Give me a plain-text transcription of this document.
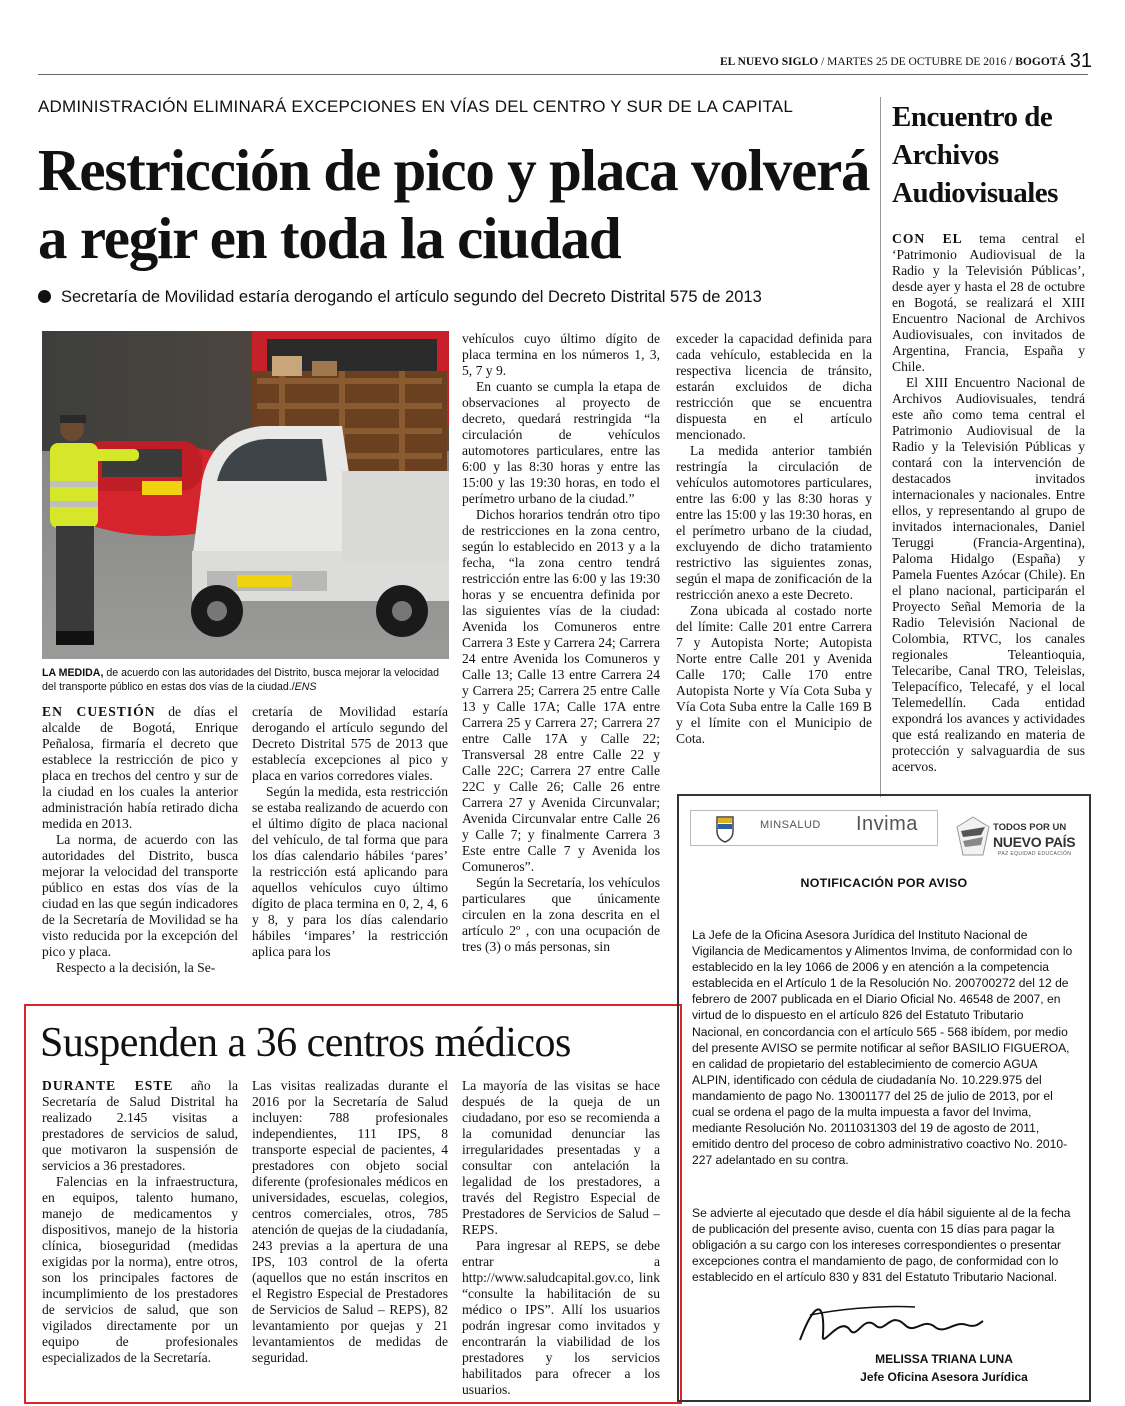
EL NUEVO SIGLO / MARTES 25 DE OCTUBRE DE 2016 / BOGOTÁ 31
ADMINISTRACIÓN ELIMINARÁ EXCEPCIONES EN VÍAS DEL CENTRO Y SUR DE LA CAPITAL
Restricción de pico y placa volverá a regir en toda la ciudad
Secretaría de Movilidad estaría derogando el artículo segundo del Decreto Distrital 575 de 2013
LA MEDIDA, de acuerdo con las autoridades del Distrito, busca mejorar la velocidad del transporte público en estas dos vías de la ciudad./ENS

EN CUESTIÓN de días el alcalde de Bogotá, Enrique Peñalosa, firmaría el decreto que establece la restricción de pico y placa en trechos del centro y sur de la ciudad en los cuales la anterior administración había retirado dicha medida en 2013.

La norma, de acuerdo con las autoridades del Distrito, busca mejorar la velocidad del transporte público en estas dos vías de la ciudad en las que según indicadores de la Secretaría de Movilidad se ha visto reducida por la excepción del pico y placa.

Respecto a la decisión, la Se-

cretaría de Movilidad estaría derogando el artículo segundo del Decreto Distrital 575 de 2013 que establecía excepciones al pico y placa en varios corredores viales.

Según la medida, esta restricción se estaba realizando de acuerdo con el último dígito de placa nacional del vehículo, de tal forma que para los días calendario hábiles ‘pares’ la restricción está aplicando para aquellos vehículos cuyo último dígito de placa termina en 0, 2, 4, 6 y 8, y para los días calendario hábiles ‘impares’ la restricción aplica para los

vehículos cuyo último dígito de placa termina en los números 1, 3, 5, 7 y 9.

En cuanto se cumpla la etapa de observaciones al proyecto de decreto, quedará restringida “la circulación de vehículos automotores particulares, entre las 6:00 y las 8:30 horas y entre las 15:00 y las 19:30 horas, en todo el perímetro urbano de la ciudad.”

Dichos horarios tendrán otro tipo de restricciones en la zona centro, según lo establecido en 2013 y a la fecha, “la zona centro tendrá restricción entre las 6:00 y las 19:30 horas y se encuentra definida por las siguientes vías de la ciudad: Avenida los Comuneros entre Carrera 3 Este y Carrera 24; Carrera 24 entre Avenida los Comuneros y Calle 13; Calle 13 entre Carrera 24 y Carrera 25; Carrera 25 entre Calle 13 y Calle 17A; Calle 17A entre Carrera 25 y Carrera 27; Carrera 27 entre Calle 17A y Calle 22; Transversal 28 entre Calle 22 y Calle 22C; Carrera 27 entre Calle 22C y Calle 26; Calle 26 entre Carrera 27 y Avenida Circunvalar; Avenida Circunvalar entre Calle 26 y Calle 7; y finalmente Carrera 3 Este entre Calle 7 y Avenida los Comuneros”.

Según la Secretaría, los vehículos particulares que únicamente circulen en la zona descrita en el artículo 2º , con una ocupación de tres (3) o más personas, sin

exceder la capacidad definida para cada vehículo, establecida en la respectiva licencia de tránsito, estarán excluidos de dicha restricción que se encuentra dispuesta en el artículo mencionado.

La medida anterior también restringía la circulación de vehículos automotores particulares, entre las 6:00 y las 8:30 horas y entre las 15:00 y las 19:30 horas, en el perímetro urbano de la ciudad, excluyendo de dicho tratamiento restrictivo las siguientes zonas, según el mapa de zonificación de la restricción anexo a este Decreto.

Zona ubicada al costado norte del límite: Calle 201 entre Carrera 7 y Autopista Norte; Autopista Norte entre Calle 201 y Avenida Calle 170; Calle 170 entre Autopista Norte y Vía Cota Suba y Vía Cota Suba entre la Calle 169 B y el límite con el Municipio de Cota.

Encuentro de Archivos Audiovisuales

CON EL tema central el ‘Patrimonio Audiovisual de la Radio y la Televisión Públicas’, desde ayer y hasta el 28 de octubre en Bogotá, se realizará el XIII Encuentro Nacional de Archivos Audiovisuales, con invitados de Argentina, Francia, España y Chile.

El XIII Encuentro Nacional de Archivos Audiovisuales, tendrá este año como tema central el Patrimonio Audiovisual de la Radio y la Televisión Públicas y contará con la intervención de destacados invitados internacionales y nacionales. Entre ellos, y representando al grupo de invitados internacionales, Daniel Teruggi (Francia-Argentina), Paloma Hidalgo (España) y Pamela Fuentes Azócar (Chile). En el plano nacional, participarán el Proyecto Señal Memoria de la Radio Televisión Nacional de Colombia, RTVC, los canales regionales Teleantioquia, Telecaribe, Canal TRO, Teleislas, Telepacífico, Telecafé, y el local Telemedellín. Cada entidad expondrá los avances y actividades que está realizando en materia de protección y salvaguardia de sus acervos.

Suspenden a 36 centros médicos

DURANTE ESTE año la Secretaría de Salud Distrital ha realizado 2.145 visitas a prestadores de servicios de salud, que motivaron la suspensión de servicios a 36 prestadores.

Falencias en la infraestructura, en equipos, talento humano, manejo de medicamentos y dispositivos, manejo de la historia clínica, bioseguridad (medidas exigidas por la norma), entre otros, son los principales factores de incumplimiento de los prestadores de servicios de salud, que son vigilados directamente por un equipo de profesionales especializados de la Secretaría.

Las visitas realizadas durante el 2016 por la Secretaría de Salud incluyen: 788 profesionales independientes, 111 IPS, 8 transporte especial de pacientes, 4 prestadores con objeto social diferente (profesionales médicos en universidades, escuelas, colegios, centros comerciales, otros, 785 atención de quejas de la ciudadanía, 243 previas a la apertura de una IPS, 103 control de la oferta (aquellos que no están inscritos en el Registro Especial de Prestadores de Servicios de Salud – REPS), 82 levantamiento por quejas y 21 levantamientos de medidas de seguridad.

La mayoría de las visitas se hace después de la queja de un ciudadano, por eso se recomienda a la comunidad denunciar las irregularidades presentadas y a consultar con antelación la legalidad de los prestadores, a través del Registro Especial de Prestadores de Servicios de Salud – REPS.

Para ingresar al REPS, se debe entrar a http://www.saludcapital.gov.co, link “consulte la habilitación de su médico o IPS”. Allí los usuarios podrán ingresar como invitados y encontrarán la viabilidad de los prestadores y los servicios habilitados para ofrecer a los usuarios.

MINSALUD Invima	TODOS POR UN
NUEVO PAÍS
PAZ EQUIDAD EDUCACIÓN
NOTIFICACIÓN POR AVISO
La Jefe de la Oficina Asesora Jurídica del Instituto Nacional de Vigilancia de Medicamentos y Alimentos Invima, de conformidad con lo establecido en la ley 1066 de 2006 y en atención a la competencia establecida en el Artículo 1 de la Resolución No. 200700272 del 12 de febrero de 2007 publicada en el Diario Oficial No. 46548 de 2007, en virtud de lo dispuesto en el artículo 826 del Estatuto Tributario Nacional, en concordancia con el artículo 565 - 568 ibídem, por medio del presente AVISO se permite notificar al señor BASILIO FIGUEROA, en calidad de propietario del establecimiento de comercio AGUA ALPIN, identificado con cédula de ciudadanía No. 10.229.975 del mandamiento de pago No. 13001177 del 25 de julio de 2013, por el cual se ordena el pago de la multa impuesta a favor del Invima, mediante Resolución No. 2011031303 del 19 de agosto de 2011, emitido dentro del proceso de cobro administrativo coactivo No. 2010-227 adelantado en su contra.
Se advierte al ejecutado que desde el día hábil siguiente al de la fecha de publicación del presente aviso, cuenta con 15 días para pagar la obligación a su cargo con los intereses correspondientes o presentar excepciones contra el mandamiento de pago, de conformidad con lo establecido en el artículo 830 y 831 del Estatuto Tributario Nacional.
MELISSA TRIANA LUNA
Jefe Oficina Asesora Jurídica
